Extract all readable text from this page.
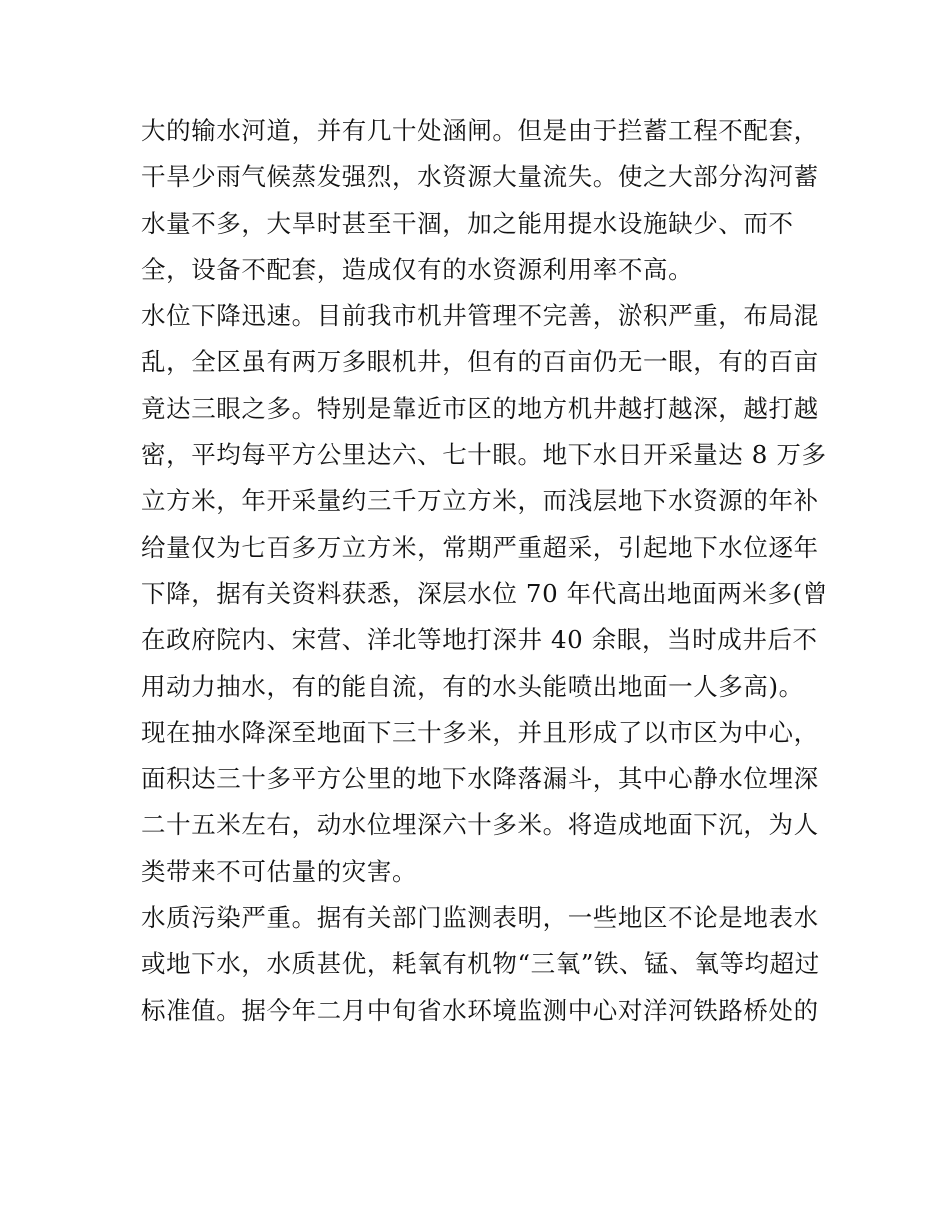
大的输水河道，并有几十处涵闸。但是由于拦蓄工程不配套，
干旱少雨气候蒸发强烈，水资源大量流失。使之大部分沟河蓄
水量不多，大旱时甚至干涸，加之能用提水设施缺少、而不
全，设备不配套，造成仅有的水资源利用率不高。
水位下降迅速。目前我市机井管理不完善，淤积严重，布局混
乱，全区虽有两万多眼机井，但有的百亩仍无一眼，有的百亩
竟达三眼之多。特别是靠近市区的地方机井越打越深，越打越
密，平均每平方公里达六、七十眼。地下水日开采量达 8 万多
立方米，年开采量约三千万立方米，而浅层地下水资源的年补
给量仅为七百多万立方米，常期严重超采，引起地下水位逐年
下降，据有关资料获悉，深层水位 70 年代高出地面两米多(曾
在政府院内、宋营、洋北等地打深井 40 余眼，当时成井后不
用动力抽水，有的能自流，有的水头能喷出地面一人多高)。
现在抽水降深至地面下三十多米，并且形成了以市区为中心，
面积达三十多平方公里的地下水降落漏斗，其中心静水位埋深
二十五米左右，动水位埋深六十多米。将造成地面下沉，为人
类带来不可估量的灾害。
水质污染严重。据有关部门监测表明，一些地区不论是地表水
或地下水，水质甚优，耗氧有机物“三氧”铁、锰、氧等均超过
标准值。据今年二月中旬省水环境监测中心对洋河铁路桥处的
